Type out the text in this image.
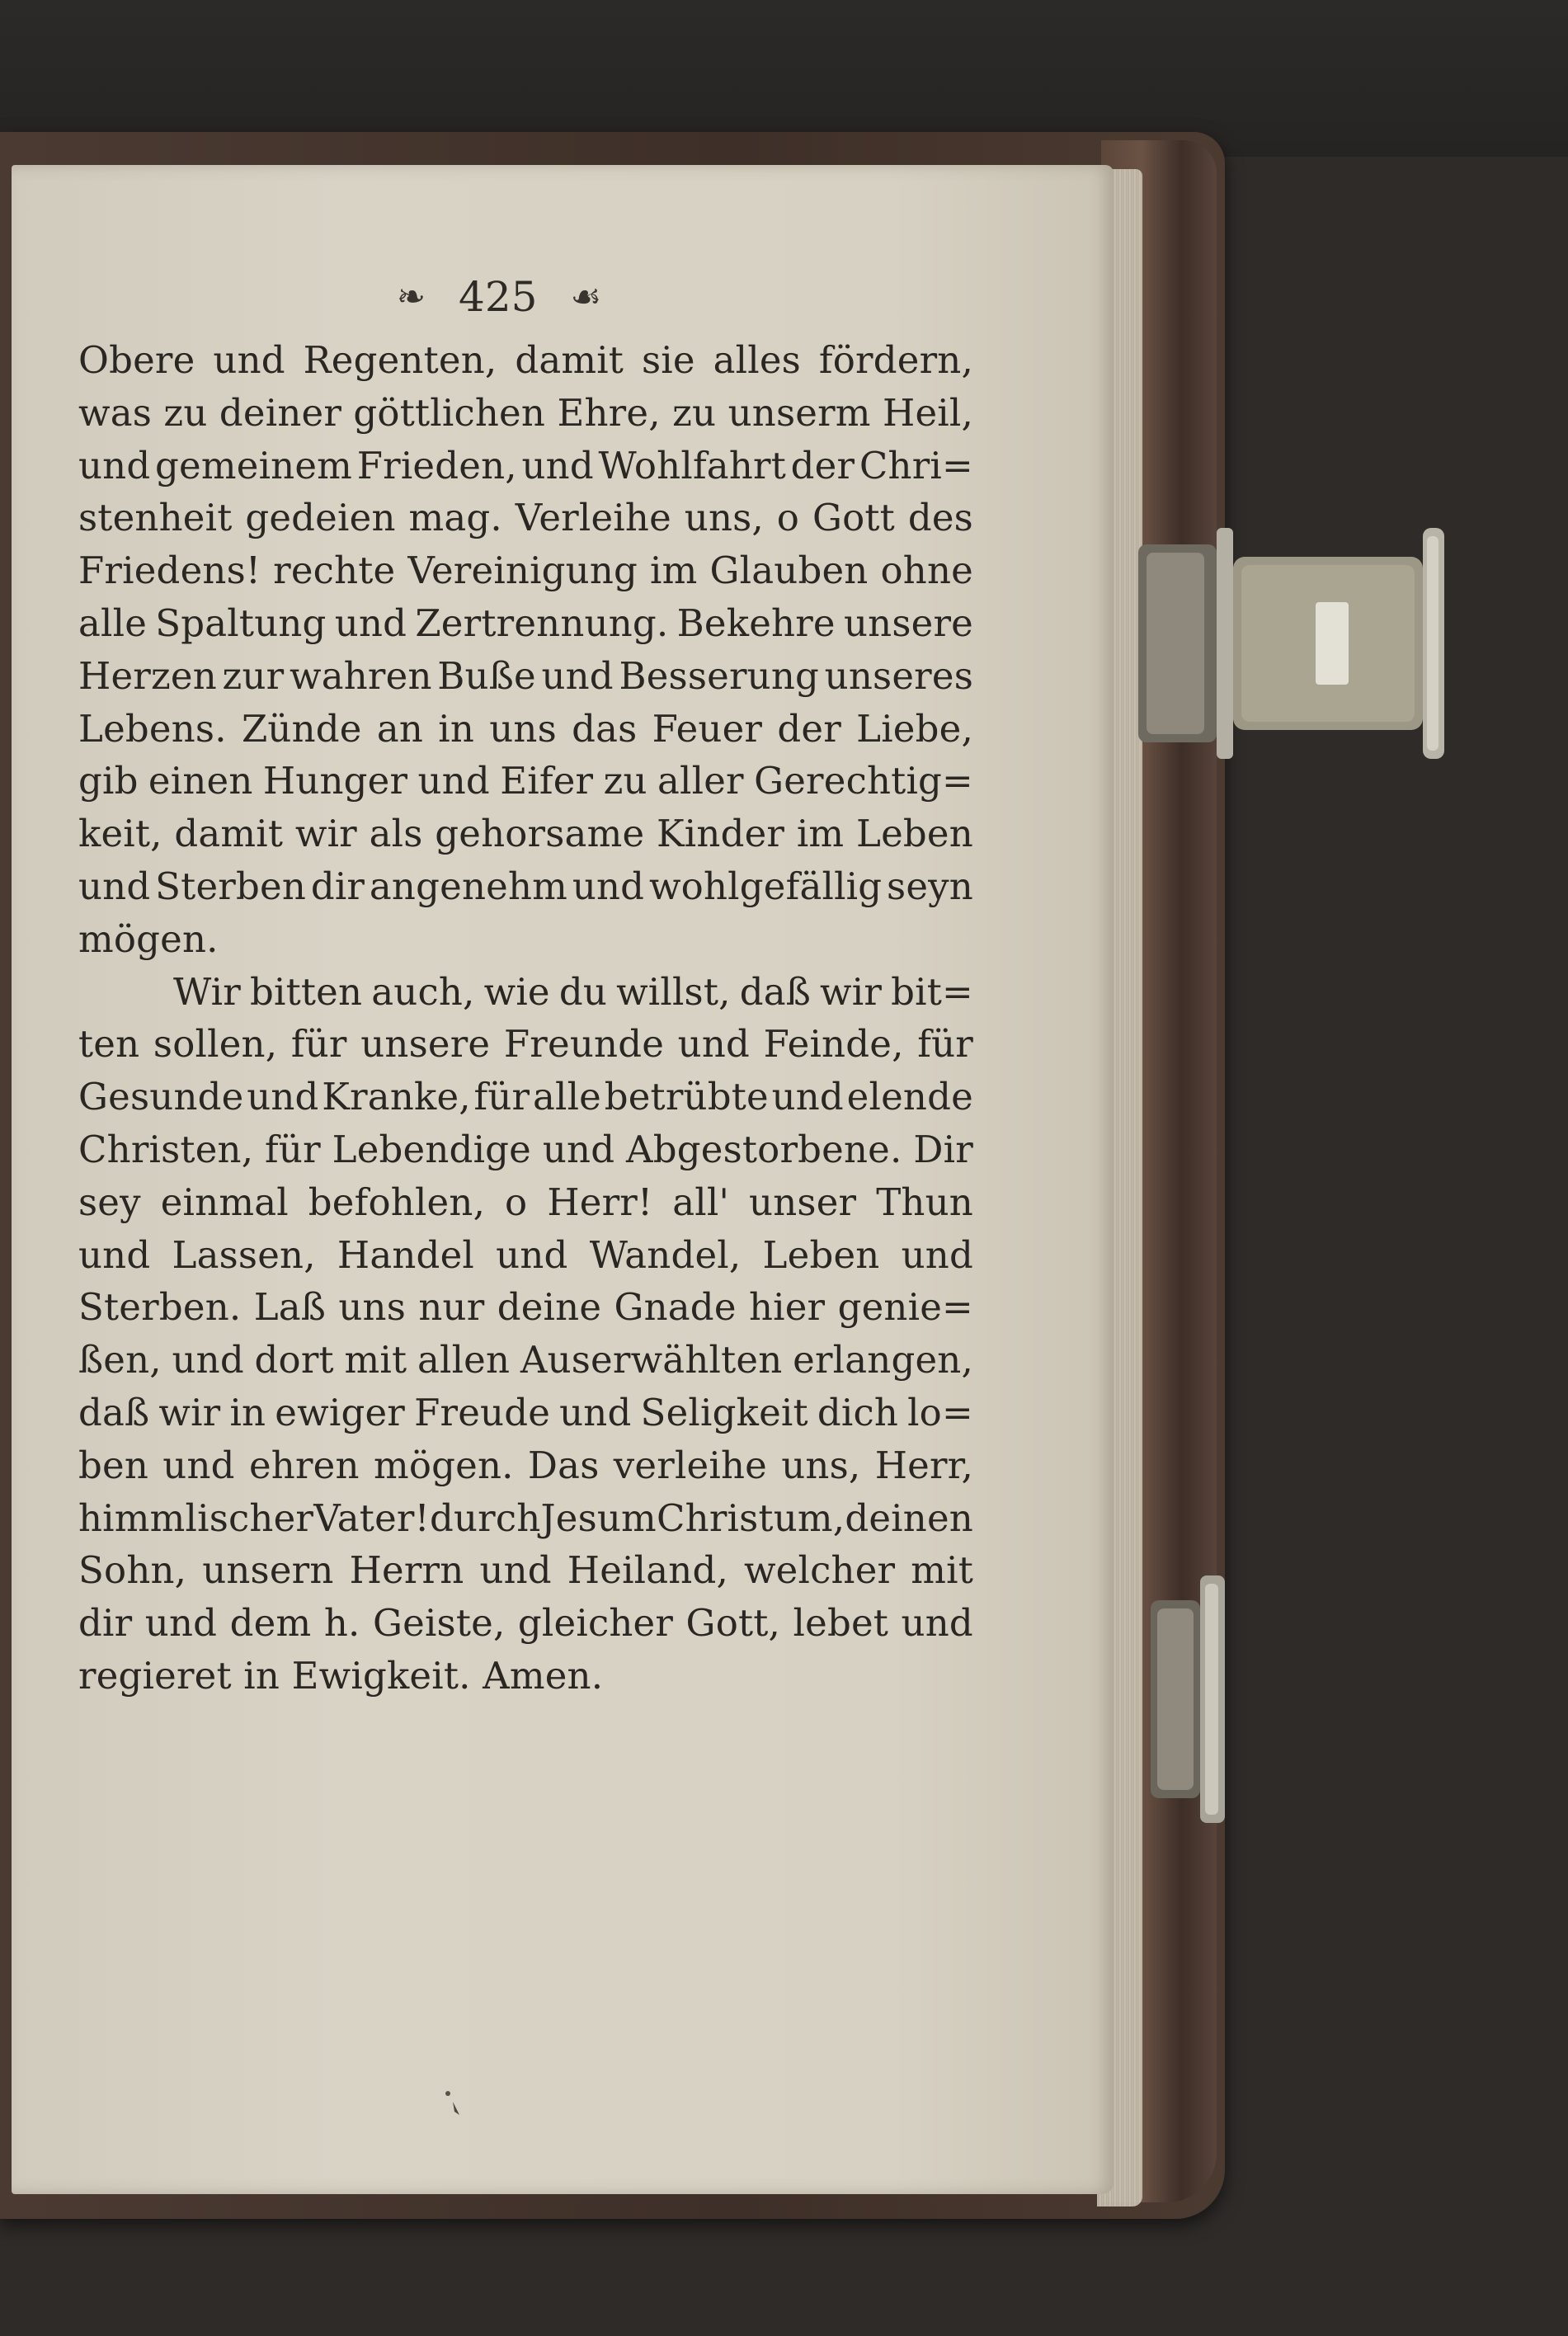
❧ 425 ☙
Obere und Regenten, damit sie alles fördern,
was zu deiner göttlichen Ehre, zu unserm Heil,
und gemeinem Frieden, und Wohlfahrt der Chri=
stenheit gedeien mag. Verleihe uns, o Gott des
Friedens! rechte Vereinigung im Glauben ohne
alle Spaltung und Zertrennung. Bekehre unsere
Herzen zur wahren Buße und Besserung unseres
Lebens. Zünde an in uns das Feuer der Liebe,
gib einen Hunger und Eifer zu aller Gerechtig=
keit, damit wir als gehorsame Kinder im Leben
und Sterben dir angenehm und wohlgefällig seyn
mögen.
Wir bitten auch, wie du willst, daß wir bit=
ten sollen, für unsere Freunde und Feinde, für
Gesunde und Kranke, für alle betrübte und elende
Christen, für Lebendige und Abgestorbene. Dir
sey einmal befohlen, o Herr! all' unser Thun
und Lassen, Handel und Wandel, Leben und
Sterben. Laß uns nur deine Gnade hier genie=
ßen, und dort mit allen Auserwählten erlangen,
daß wir in ewiger Freude und Seligkeit dich lo=
ben und ehren mögen. Das verleihe uns, Herr,
himmlischer Vater! durch Jesum Christum, deinen
Sohn, unsern Herrn und Heiland, welcher mit
dir und dem h. Geiste, gleicher Gott, lebet und
regieret in Ewigkeit. Amen.
